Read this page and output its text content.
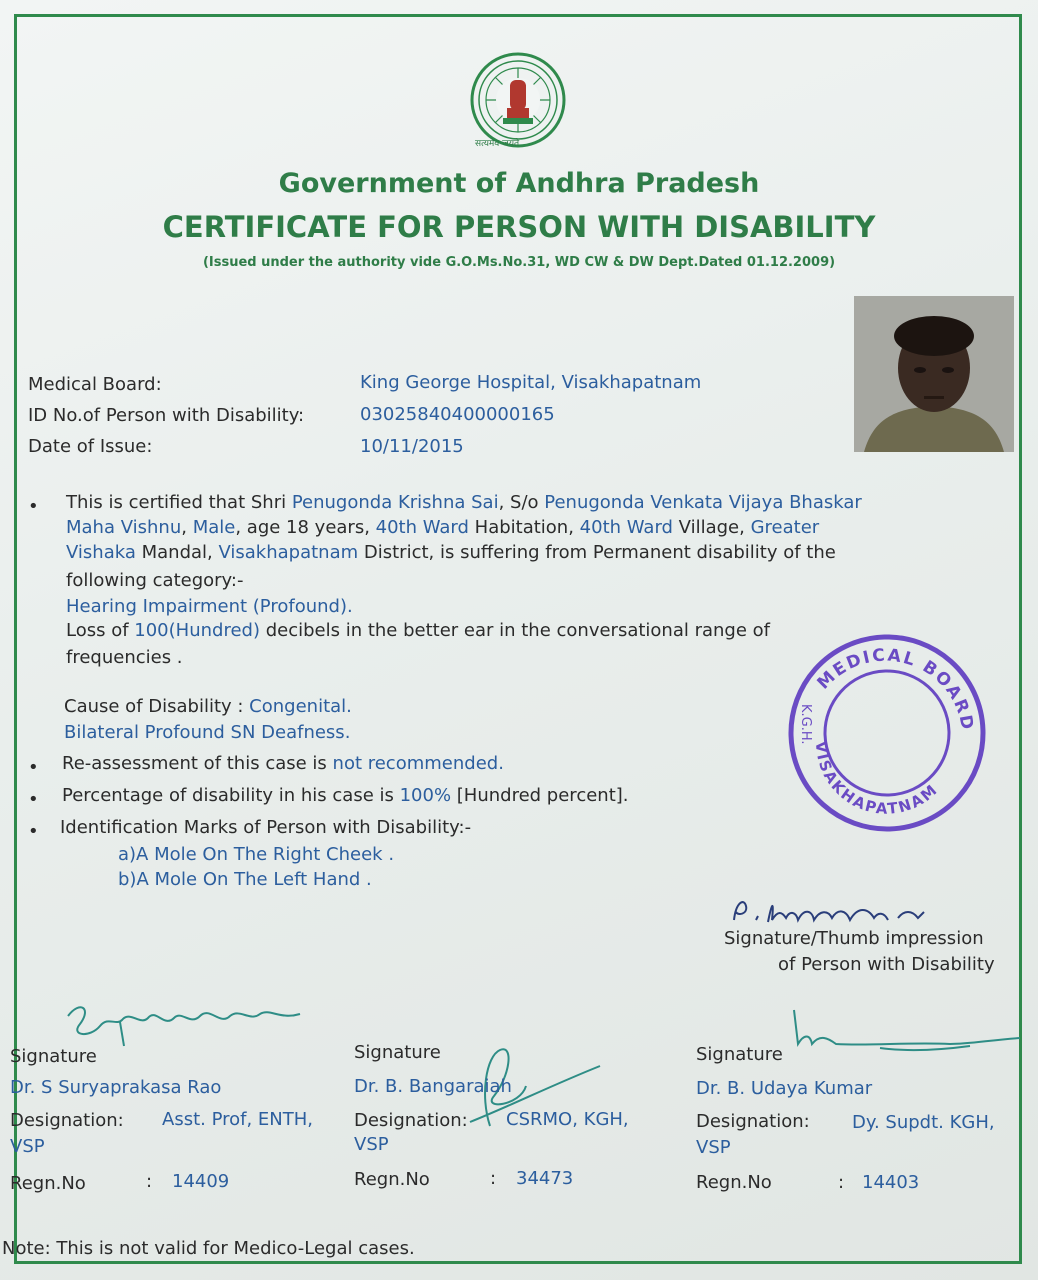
सत्यमेव जयते
Government of Andhra Pradesh
CERTIFICATE FOR PERSON WITH DISABILITY
(Issued under the authority vide G.O.Ms.No.31, WD CW & DW Dept.Dated 01.12.2009)
Medical Board:	King George Hospital, Visakhapatnam
ID No.of Person with Disability:	03025840400000165
Date of Issue:	10/11/2015
• This is certified that Shri Penugonda Krishna Sai, S/o Penugonda Venkata Vijaya Bhaskar
Maha Vishnu, Male, age 18 years, 40th Ward Habitation, 40th Ward Village, Greater
Vishaka Mandal, Visakhapatnam District, is suffering from Permanent disability of the
following category:-
Hearing Impairment (Profound).
Loss of 100(Hundred) decibels in the better ear in the conversational range of
frequencies .
Cause of Disability : Congenital.
Bilateral Profound SN Deafness.
• Re-assessment of this case is not recommended.
• Percentage of disability in his case is 100% [Hundred percent].
• Identification Marks of Person with Disability:-
a)A Mole On The Right Cheek .
b)A Mole On The Left Hand .
MEDICAL BOARD
VISAKHAPATNAM
K.G.H.
Signature/Thumb impression
of Person with Disability
Signature
Dr. S Suryaprakasa Rao
Designation: Asst. Prof, ENTH,
VSP
Regn.No	: 14409
Signature
Dr. B. Bangaraiah
Designation: CSRMO, KGH,
VSP
Regn.No	: 34473
Signature
Dr. B. Udaya Kumar
Designation: Dy. Supdt. KGH,
VSP
Regn.No	: 14403
Note: This is not valid for Medico-Legal cases.
